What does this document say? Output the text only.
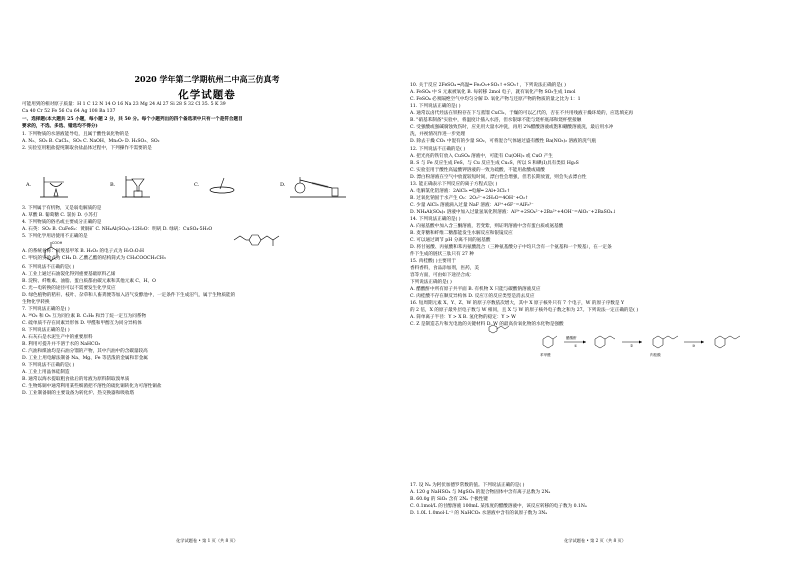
2020 学年第二学期杭州二中高三仿真考
化学试题卷
可能用到的相对原子质量：H 1 C 12 N 14 O 16 Na 23 Mg 24 Al 27 Si 28 S 32 Cl 35. 5 K 39
Ca 40 Cr 52 Fe 56 Cu 64 Ag 108 Ba 137
一、选择题(本大题共 25 小题，每小题 2 分，共 50 分。每个小题列出的四个备选项中只有一个是符合题目
要求的，不选、多选、错选均不得分)
1. 下列物质的水溶液能导电，且属于酸性氧化物的是
A. N₂、SO₂ B. CaCl₂、SO₃ C. NaOH、Mn₂O₇ D. H₂SO₃、SO₂
2. 实验室用粗盐提纯制取食盐晶体过程中，下列操作不需要的是
A.	B.	C.	D.
3. 下列属于有机物，又是弱电解质的是
A. 草酸 B. 葡萄糖 C. 氯仿 D. 小苏打
4. 下列物质的俗名或主要成分正确的是
A. 石英：SO₂ B. CuFeS₂：黄铜矿 C. NH₄Al(SO₄)₂·12H₂O：明矾 D. 绿矾：CuSO₄·5H₂O
5. 下列化学用语使用不正确的是
COOH
A. 的系统名称：间羧基甲苯 B. H₂O₂ 的电子式为 H:Ö:Ö:H
C. 甲烷的实验式为 CH₄ D. 乙酸乙酯的结构简式为 CH₃COOCH₂CH₃
6. 下列说法不正确的是( )
A. 工业上通过石油裂化得到重要基础原料乙烯
B. 淀粉、纤维素、油脂、蛋白质都由碳元素和其他元素 C、H、O
C. 光—电转换的途径可以不需要发生化学反应
D. 绿色植物的秸秆、枝叶、杂草和人畜粪便等加入沼气发酵池中，一定条件下生成沼气，属于生物质能的
生物化学转换
7. 下列说法正确的是( )
A. ¹⁶O₂ 和 O₃ 互为同位素 B. C₂H₆ 和异丁烷一定互为同系物
C. 硫单质不存在同素异形体 D. 甲醛和甲醇互为同分异构体
8. 下列说法正确的是( )
A. 石灰石是水泥生产中的重要原料
B. 利用可提升并不溶于水的 NaHCO₃
C. 汽油和煤油均是石油分馏的产物，其中汽油中的含碳量较高
D. 工业上用电解法制备 Na、Mg、Fe 等活泼的金属和非金属
9. 下列说法不正确的是( )
A. 工业上用晶体硅制造
B. 通常以海水提取粗食盐后的母液为原料制取溴单质
C. 生物炼铜中通常利用某些细菌把不溶性的硫化铜转化为可溶性铜盐
D. 工业制备铜的主要设备为转化炉、热交换器和吸收塔
化学试题卷 • 第 1 页（共 8 页）
10. 关于反应 2FeSO₄ ═高温═ Fe₂O₃+SO₂↑+SO₃↑，下列说法正确的是( )
A. FeSO₄ 中 S 元素被氧化 B. 每转移 2mol 电子，就有氧化产物 SO₃生成 1mol
C. FeSO₄ 必须隔绝空气中均匀分解 D. 氧化产物与还原产物的物质的量之比为 1：1
11. 下列说法正确的是( )
A. 通常以卤代烃法在铁粉存在下与蒸馏 CuCl₂，于燥的可以乙代的，否在不共用残液干燥环境的，应选填充再
B. "硝基苯制备"实验中，将温度计插入水浴，但水银球不能与烧杯底部和烧杯壁接触
C. 受强酸或强碱腐蚀致伤时，应先用大量水冲洗，再用 2%醋酸溶液或饱和硼酸溶液洗，最后用水冲
洗，并视情况作进一步处理
D. 除去干燥 CO₂ 中混有的少量 SO₂，可将混合气体通过盛有酸性 Ba(NO₃)₂ 溶液的洗气瓶
12. 下列说法不正确的是( )
A. 把光亮的铁钉放入 CuSO₄ 溶液中，可能有 Cu(OH)₂ 或 CuO 产生
B. S 与 Fe 反应生成 FeS，与 Cu 反应生成 Cu₂S，所以 S 和碘(Ⅰ)具有类似 Hg₂S
C. 实验室用于酸性高锰酸钾溶液的一致为硫酸，不能用盐酸或硝酸
D. 漂白粉溶液在空气中放置较短时间，漂白性会增强，但若长期放置，则会失去漂白性
13. 能正确表示下列反应的离子方程式是( )
A. 电解氯化铝溶液：2AlCl₃ ═电解═ 2Al+3Cl₂↑
B. 过氧化钠固于水产生 O₂：2O₂²⁻+2H₂O=4OH⁻+O₂↑
C. 少量 AlCl₃ 溶液滴入过量 NaF 溶液：Al³⁺+6F⁻=AlF₆³⁻
D. NH₄Al(SO₄)₂ 溶液中加入过量氢氧化钡溶液：Al³⁺+2SO₄²⁻+2Ba²⁺+4OH⁻=AlO₂⁻+2BaSO₄↓
14. 下列说法正确的是( )
A. 向氨基酸中加入含三酮溶液，若变紫，则证明溶液中含有蛋白质或氨基酸
B. 麦芽糖和纤维二糖都能发生水解反应和银镜反应
C. 可以通过调节 pH 分离不同的氨基酸
D. 将甘氨酸、丙氨酸和苯丙氨酸混合（三种氨基酸分子中均只含有一个氨基和一个羧基），在一定条
件下生成的链状三肽只有 27 种
15. 肉桂酸( )主要用于
香料香料，食品添加剂，医药，美
容等方面，可由如下途径合成：
下列说法正确的是( )
A. 醋酸酐中所有原子共平面 B. 有机物 X 只能与碳酸钠溶液反应
C. 肉桂酸不存在顺反异构体 D. 反应③的反应类型是消去反应
16. 短周期元素 X、Y、Z、W 的原子序数依次增大，其中 X 原子核外只有 7 个电子，W 的原子序数是 Y
的 2 倍，X 的原子最外层电子数与 W 相同，且 X 与 W 的原子核外电子数之和为 27。下列说法一定正确的是( )
A. 简单离子半径：Y > X B. 氢化物的稳定：Y > W
C. Z 是制造芯片和光电池的关键材料 D. W 的最高价氧化物的水化物是强酸
苯甲醛
醋酸酐
①	②
肉桂酸
③
17. 设 Nₐ 为阿伏加德罗常数的值。下列说法正确的是( )
A. 120 g NaHSO₄ 与 MgSO₄ 的混合物固体中含有离子总数为 2Nₐ
B. 60.0g 的 SiO₂ 含有 2Nₐ 个极性键
C. 0.1mol/L 的甘醇溶液 100mL 某浓度的醋酸溶液中，该反应转移的电子数为 0.1Nₐ
D. 1.0L 1.0mol·L⁻¹ 的 NaHCO₃ 水溶液中含有的氧原子数为 3Nₐ
化学试题卷 • 第 2 页（共 8 页）
